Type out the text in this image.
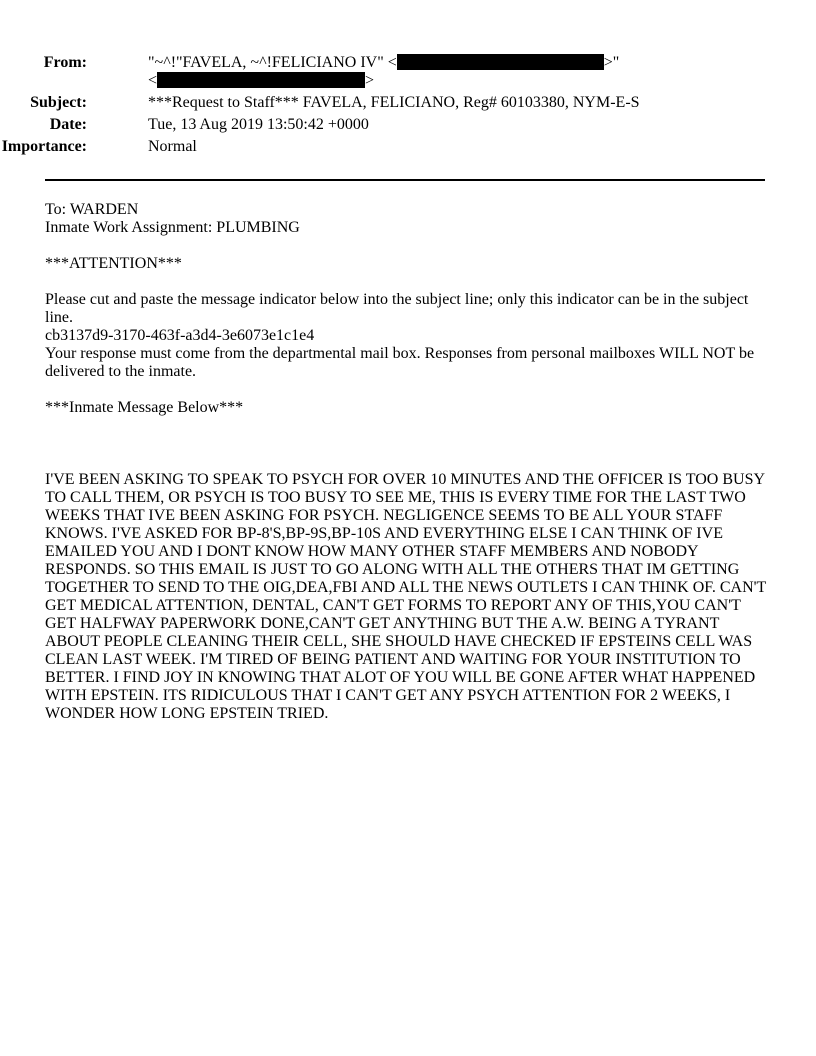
From:	"~^!"FAVELA, ~^!FELICIANO IV" <	>"
<	>
Subject:	***Request to Staff*** FAVELA, FELICIANO, Reg# 60103380, NYM-E-S
Date:	Tue, 13 Aug 2019 13:50:42 +0000
Importance:	Normal
To: WARDEN
Inmate Work Assignment: PLUMBING
***ATTENTION***
Please cut and paste the message indicator below into the subject line; only this indicator can be in the subject
line.
cb3137d9-3170-463f-a3d4-3e6073e1c1e4
Your response must come from the departmental mail box. Responses from personal mailboxes WILL NOT be
delivered to the inmate.
***Inmate Message Below***
I'VE BEEN ASKING TO SPEAK TO PSYCH FOR OVER 10 MINUTES AND THE OFFICER IS TOO BUSY
TO CALL THEM, OR PSYCH IS TOO BUSY TO SEE ME, THIS IS EVERY TIME FOR THE LAST TWO
WEEKS THAT IVE BEEN ASKING FOR PSYCH. NEGLIGENCE SEEMS TO BE ALL YOUR STAFF
KNOWS. I'VE ASKED FOR BP-8'S,BP-9S,BP-10S AND EVERYTHING ELSE I CAN THINK OF IVE
EMAILED YOU AND I DONT KNOW HOW MANY OTHER STAFF MEMBERS AND NOBODY
RESPONDS. SO THIS EMAIL IS JUST TO GO ALONG WITH ALL THE OTHERS THAT IM GETTING
TOGETHER TO SEND TO THE OIG,DEA,FBI AND ALL THE NEWS OUTLETS I CAN THINK OF. CAN'T
GET MEDICAL ATTENTION, DENTAL, CAN'T GET FORMS TO REPORT ANY OF THIS,YOU CAN'T
GET HALFWAY PAPERWORK DONE,CAN'T GET ANYTHING BUT THE A.W. BEING A TYRANT
ABOUT PEOPLE CLEANING THEIR CELL, SHE SHOULD HAVE CHECKED IF EPSTEINS CELL WAS
CLEAN LAST WEEK. I'M TIRED OF BEING PATIENT AND WAITING FOR YOUR INSTITUTION TO
BETTER. I FIND JOY IN KNOWING THAT ALOT OF YOU WILL BE GONE AFTER WHAT HAPPENED
WITH EPSTEIN. ITS RIDICULOUS THAT I CAN'T GET ANY PSYCH ATTENTION FOR 2 WEEKS, I
WONDER HOW LONG EPSTEIN TRIED.
